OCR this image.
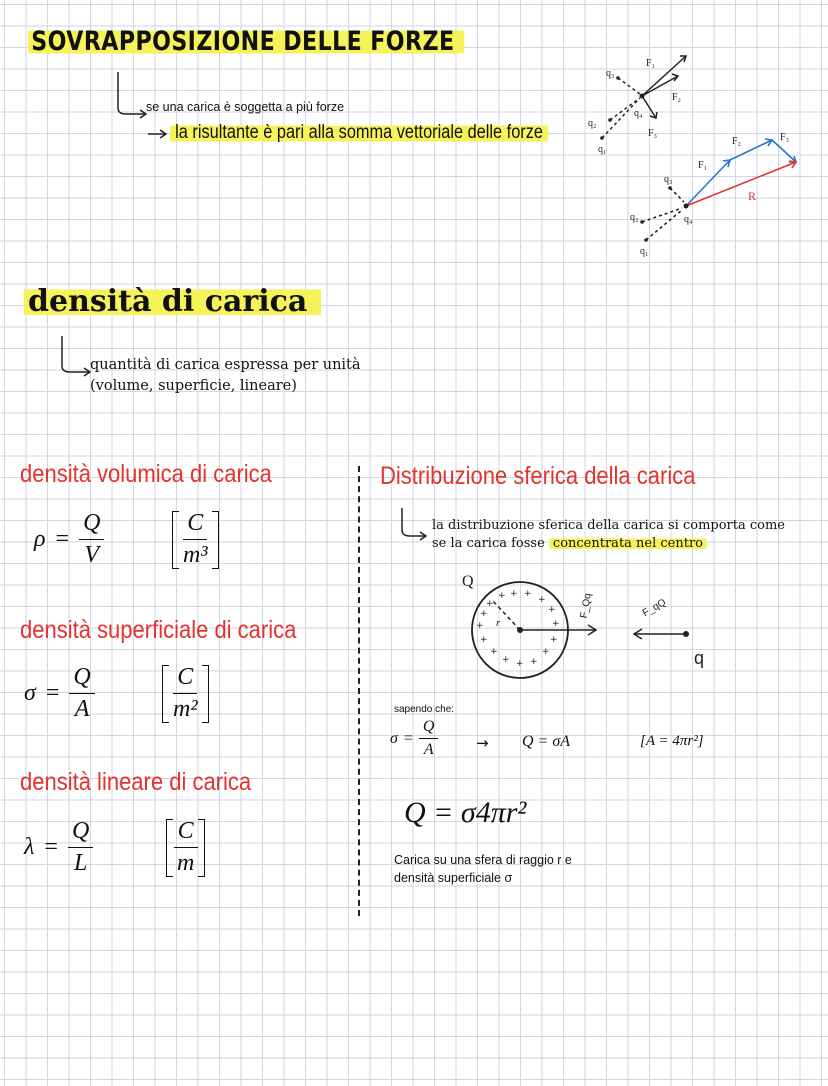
SOVRAPPOSIZIONE DELLE FORZE
se una carica è soggetta a più forze
la risultante è pari alla somma vettoriale delle forze
q₃
q₂
q₁
q₄
F₁
F₂
F₃
q₃
q₂
q₁
q₄
F₁
F₂	F₃
R
densità di carica
quantità di carica espressa per unità
(volume, superficie, lineare)
densità volumica di carica
$\rho = \frac{Q}{V}$	$\frac{C}{\text{m³}}$
densità superficiale di carica
$\sigma = \frac{Q}{A}$	$\frac{C}{\text{m²}}$
densità lineare di carica
$\lambda = \frac{Q}{L}$	$\frac{C}{m}$
Distribuzione sferica della carica
la distribuzione sferica della carica si comporta come
se la carica fosse concentrata nel centro
+ + +
+
+
+
+
+
+
+
+
+
+
+
+
+
Q
r
F_Qq	F_qQ
q
sapendo che:
$\sigma = \frac{Q}{A}$	→ Q = σA	[A = 4πr²]
Q = σ4πr²
Carica su una sfera di raggio r e
densità superficiale σ
